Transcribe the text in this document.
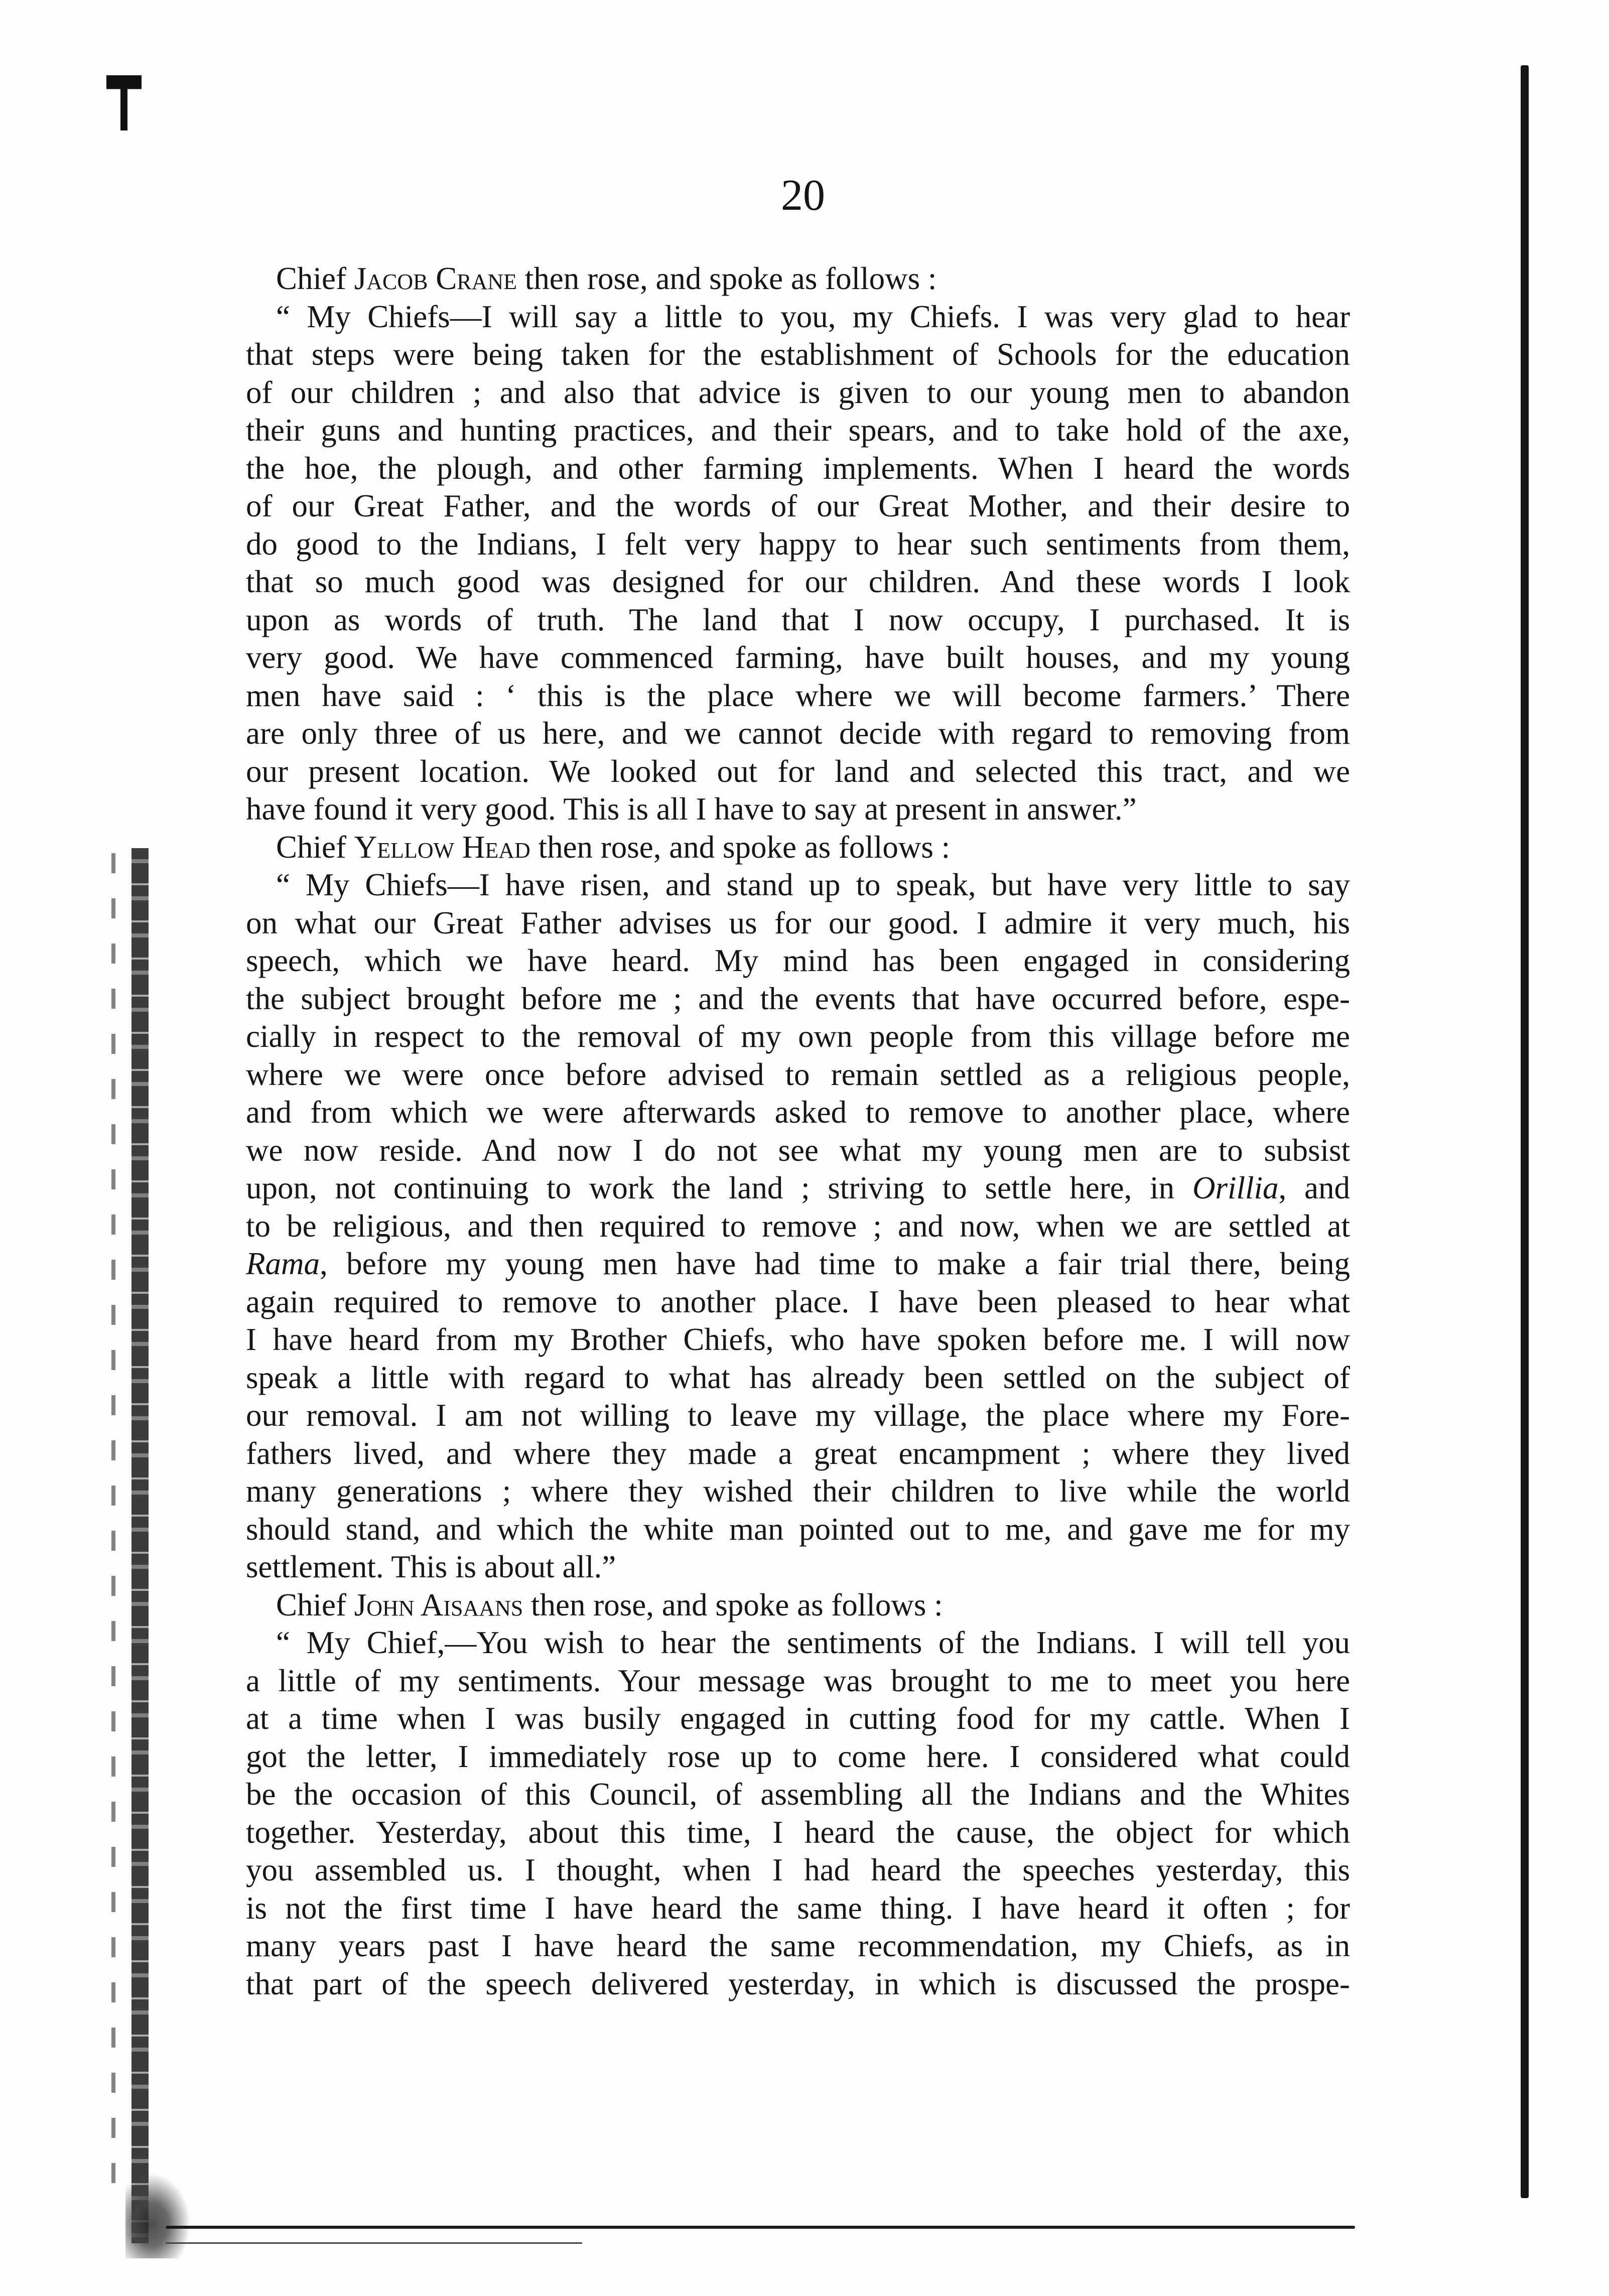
20
Chief Jacob Crane then rose, and spoke as follows :
“ My Chiefs—I will say a little to you, my Chiefs. I was very glad to hear
that steps were being taken for the establishment of Schools for the education
of our children ; and also that advice is given to our young men to abandon
their guns and hunting practices, and their spears, and to take hold of the axe,
the hoe, the plough, and other farming implements. When I heard the words
of our Great Father, and the words of our Great Mother, and their desire to
do good to the Indians, I felt very happy to hear such sentiments from them,
that so much good was designed for our children. And these words I look
upon as words of truth. The land that I now occupy, I purchased. It is
very good. We have commenced farming, have built houses, and my young
men have said : ‘ this is the place where we will become farmers.’ There
are only three of us here, and we cannot decide with regard to removing from
our present location. We looked out for land and selected this tract, and we
have found it very good. This is all I have to say at present in answer.”
Chief Yellow Head then rose, and spoke as follows :
“ My Chiefs—I have risen, and stand up to speak, but have very little to say
on what our Great Father advises us for our good. I admire it very much, his
speech, which we have heard. My mind has been engaged in considering
the subject brought before me ; and the events that have occurred before, espe-
cially in respect to the removal of my own people from this village before me
where we were once before advised to remain settled as a religious people,
and from which we were afterwards asked to remove to another place, where
we now reside. And now I do not see what my young men are to subsist
upon, not continuing to work the land ; striving to settle here, in Orillia, and
to be religious, and then required to remove ; and now, when we are settled at
Rama, before my young men have had time to make a fair trial there, being
again required to remove to another place. I have been pleased to hear what
I have heard from my Brother Chiefs, who have spoken before me. I will now
speak a little with regard to what has already been settled on the subject of
our removal. I am not willing to leave my village, the place where my Fore-
fathers lived, and where they made a great encampment ; where they lived
many generations ; where they wished their children to live while the world
should stand, and which the white man pointed out to me, and gave me for my
settlement. This is about all.”
Chief John Aisaans then rose, and spoke as follows :
“ My Chief,—You wish to hear the sentiments of the Indians. I will tell you
a little of my sentiments. Your message was brought to me to meet you here
at a time when I was busily engaged in cutting food for my cattle. When I
got the letter, I immediately rose up to come here. I considered what could
be the occasion of this Council, of assembling all the Indians and the Whites
together. Yesterday, about this time, I heard the cause, the object for which
you assembled us. I thought, when I had heard the speeches yesterday, this
is not the first time I have heard the same thing. I have heard it often ; for
many years past I have heard the same recommendation, my Chiefs, as in
that part of the speech delivered yesterday, in which is discussed the prospe-
